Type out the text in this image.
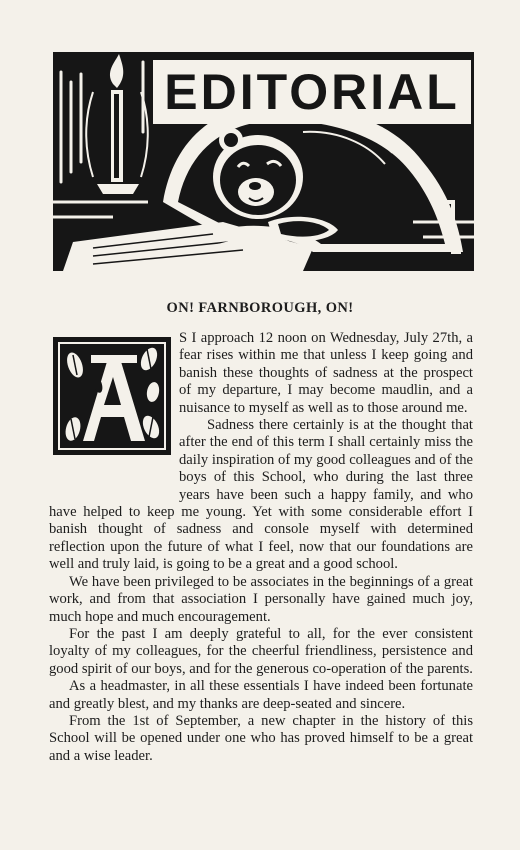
EDITORIAL
ON! FARNBOROUGH, ON!

S I approach 12 noon on Wednesday, July 27th, a fear rises within me that unless I keep going and banish these thoughts of sadness at the prospect of my departure, I may become maudlin, and a nuisance to myself as well as to those around me.

Sadness there certainly is at the thought that after the end of this term I shall certainly miss the daily inspiration of my good colleagues and of the boys of this School, who during the last three years have been such a happy family, and who have helped to keep me young. Yet with some considerable effort I banish thought of sadness and console myself with determined reflection upon the future of what I feel, now that our foundations are well and truly laid, is going to be a great and a good school.

We have been privileged to be associates in the beginnings of a great work, and from that association I personally have gained much joy, much hope and much encouragement.

For the past I am deeply grateful to all, for the ever consistent loyalty of my colleagues, for the cheerful friendliness, persistence and good spirit of our boys, and for the generous co-operation of the parents.

As a headmaster, in all these essentials I have indeed been fortunate and greatly blest, and my thanks are deep-seated and sincere.

From the 1st of September, a new chapter in the history of this School will be opened under one who has proved himself to be a great and a wise leader.
